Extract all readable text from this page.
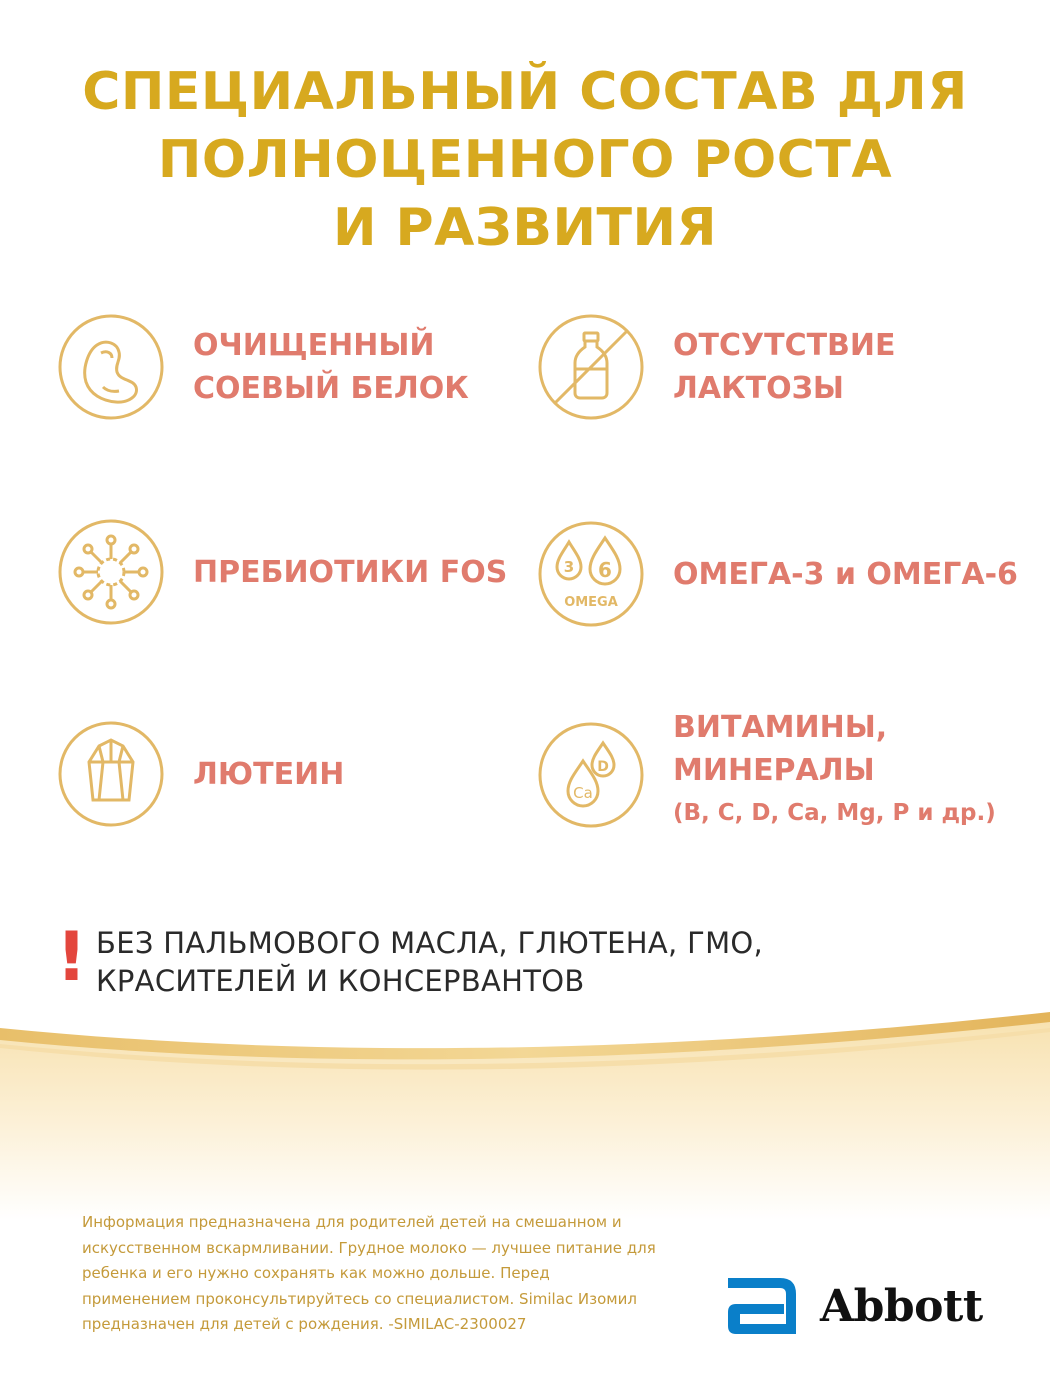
СПЕЦИАЛЬНЫЙ СОСТАВ ДЛЯ
ПОЛНОЦЕННОГО РОСТА
И РАЗВИТИЯ
ОЧИЩЕННЫЙ
СОЕВЫЙ БЕЛОК
ОТСУТСТВИЕ
ЛАКТОЗЫ
ПРЕБИОТИКИ FOS	3 6
OMEGA
ОМЕГА-3 и ОМЕГА-6
ЛЮТЕИН	D
Ca
ВИТАМИНЫ,
МИНЕРАЛЫ
(B, C, D, Ca, Mg, P и др.)
! БЕЗ ПАЛЬМОВОГО МАСЛА, ГЛЮТЕНА, ГМО,
КРАСИТЕЛЕЙ И КОНСЕРВАНТОВ
Информация предназначена для родителей детей на смешанном и искусственном вскармливании. Грудное молоко — лучшее питание для ребенка и его нужно сохранять как можно дольше. Перед применением проконсультируйтесь со специалистом. Similac Изомил предназначен для детей с рождения. -SIMILAC-2300027	Abbott
